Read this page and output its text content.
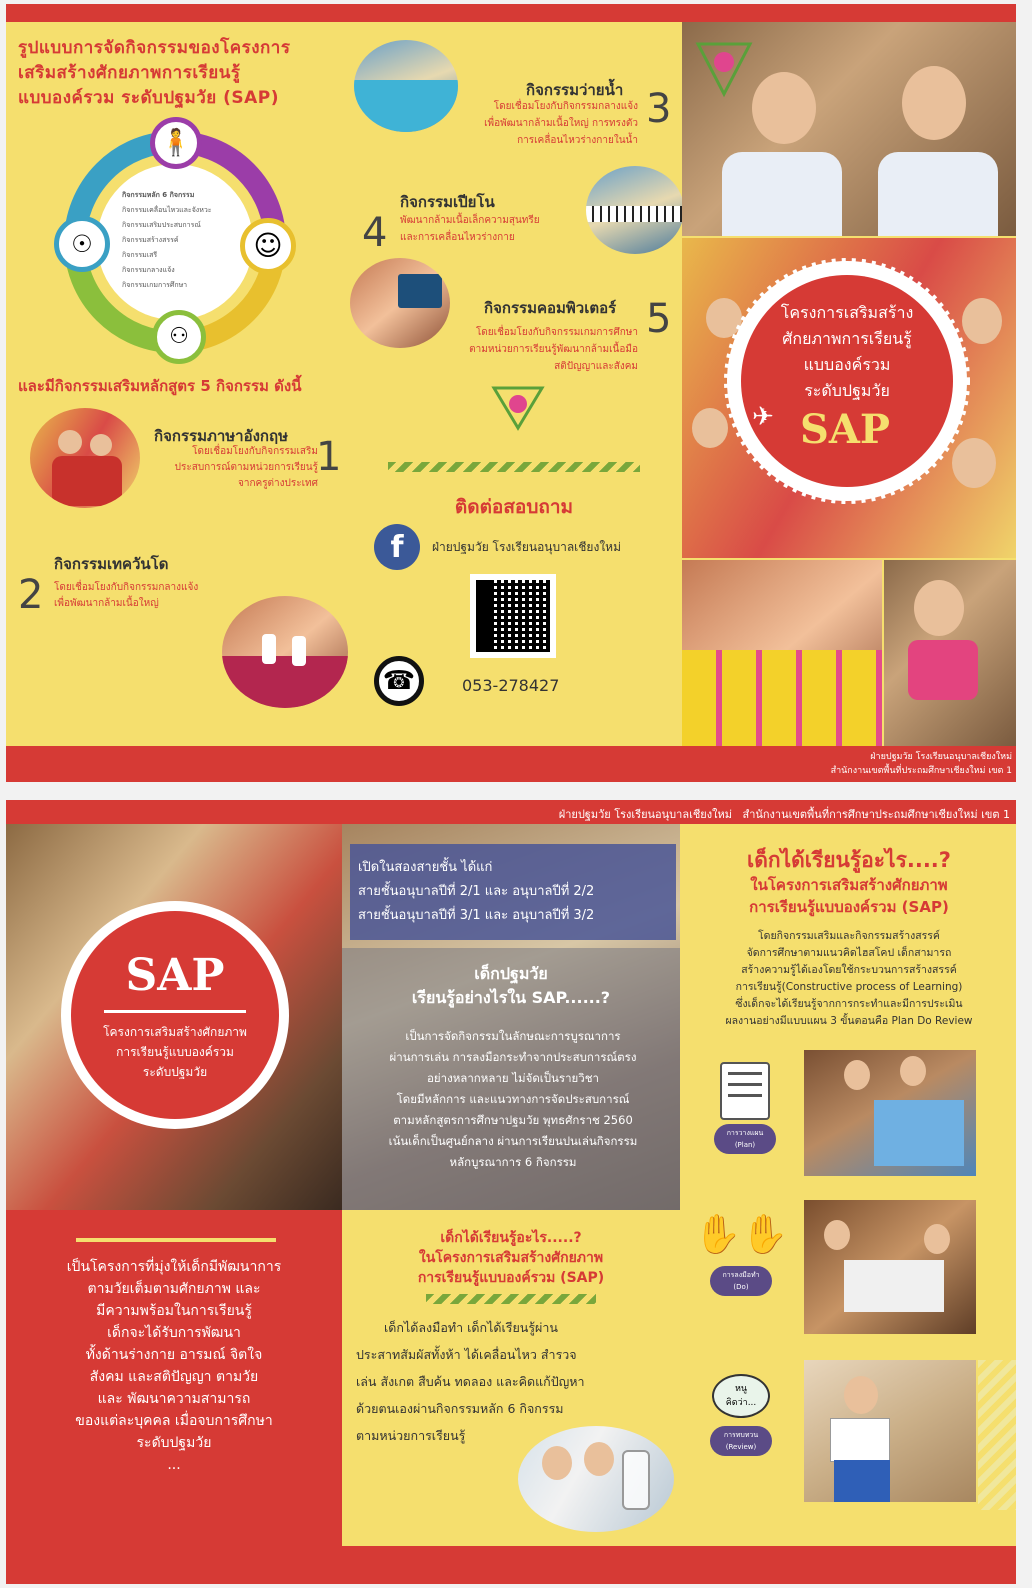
รูปแบบการจัดกิจกรรมของโครงการ
เสริมสร้างศักยภาพการเรียนรู้
แบบองค์รวม ระดับปฐมวัย (SAP)
🧍
☺
⚇
☉
กิจกรรมหลัก 6 กิจกรรม
กิจกรรมเคลื่อนไหวและจังหวะ
กิจกรรมเสริมประสบการณ์
กิจกรรมสร้างสรรค์
กิจกรรมเสรี
กิจกรรมกลางแจ้ง
กิจกรรมเกมการศึกษา
และมีกิจกรรมเสริมหลักสูตร 5 กิจกรรม ดังนี้
กิจกรรมภาษาอังกฤษ
โดยเชื่อมโยงกับกิจกรรมเสริม
ประสบการณ์ตามหน่วยการเรียนรู้
จากครูต่างประเทศ
1
กิจกรรมเทควันโด
2 โดยเชื่อมโยงกับกิจกรรมกลางแจ้ง
เพื่อพัฒนากล้ามเนื้อใหญ่
กิจกรรมว่ายน้ำ 3
โดยเชื่อมโยงกับกิจกรรมกลางแจ้ง
เพื่อพัฒนากล้ามเนื้อใหญ่ การทรงตัว
การเคลื่อนไหวร่างกายในน้ำ
กิจกรรมเปียโน
4 พัฒนากล้ามเนื้อเล็กความสุนทรีย
และการเคลื่อนไหวร่างกาย
กิจกรรมคอมพิวเตอร์ 5
โดยเชื่อมโยงกับกิจกรรมเกมการศึกษา
ตามหน่วยการเรียนรู้พัฒนากล้ามเนื้อมือ
สติปัญญาและสังคม
ติดต่อสอบถาม
f	ฝ่ายปฐมวัย โรงเรียนอนุบาลเชียงใหม่
☎	053-278427
โครงการเสริมสร้าง
ศักยภาพการเรียนรู้
แบบองค์รวม
ระดับปฐมวัย
✈ SAP
ฝ่ายปฐมวัย โรงเรียนอนุบาลเชียงใหม่
สำนักงานเขตพื้นที่ประถมศึกษาเชียงใหม่ เขต 1
ฝ่ายปฐมวัย โรงเรียนอนุบาลเชียงใหม่   สำนักงานเขตพื้นที่การศึกษาประถมศึกษาเชียงใหม่ เขต 1
SAP
โครงการเสริมสร้างศักยภาพ
การเรียนรู้แบบองค์รวม
ระดับปฐมวัย
เป็นโครงการที่มุ่งให้เด็กมีพัฒนาการ
ตามวัยเต็มตามศักยภาพ และ
มีความพร้อมในการเรียนรู้
เด็กจะได้รับการพัฒนา
ทั้งด้านร่างกาย อารมณ์ จิตใจ
สังคม และสติปัญญา ตามวัย
และ พัฒนาความสามารถ
ของแต่ละบุคคล เมื่อจบการศึกษา
ระดับปฐมวัย
...
เปิดในสองสายชั้น ได้แก่
สายชั้นอนุบาลปีที่ 2/1 และ อนุบาลปีที่ 2/2
สายชั้นอนุบาลปีที่ 3/1 และ อนุบาลปีที่ 3/2
เด็กปฐมวัย
เรียนรู้อย่างไรใน SAP......?
เป็นการจัดกิจกรรมในลักษณะการบูรณาการ
ผ่านการเล่น การลงมือกระทำจากประสบการณ์ตรง
อย่างหลากหลาย ไม่จัดเป็นรายวิชา
โดยมีหลักการ และแนวทางการจัดประสบการณ์
ตามหลักสูตรการศึกษาปฐมวัย พุทธศักราช 2560
เน้นเด็กเป็นศูนย์กลาง ผ่านการเรียนปนเล่นกิจกรรม
หลักบูรณาการ 6 กิจกรรม
เด็กได้เรียนรู้อะไร.....?
ในโครงการเสริมสร้างศักยภาพ
การเรียนรู้แบบองค์รวม (SAP)
เด็กได้ลงมือทำ เด็กได้เรียนรู้ผ่าน
ประสาทสัมผัสทั้งห้า ได้เคลื่อนไหว สำรวจ
เล่น สังเกต สืบค้น ทดลอง และคิดแก้ปัญหา
ด้วยตนเองผ่านกิจกรรมหลัก 6 กิจกรรม
ตามหน่วยการเรียนรู้
เด็กได้เรียนรู้อะไร....?
ในโครงการเสริมสร้างศักยภาพ
การเรียนรู้แบบองค์รวม (SAP)
โดยกิจกรรมเสริมและกิจกรรมสร้างสรรค์
จัดการศึกษาตามแนวคิดไฮสโคป เด็กสามารถ
สร้างความรู้ได้เองโดยใช้กระบวนการสร้างสรรค์
การเรียนรู้(Constructive process of Learning)
ซึ่งเด็กจะได้เรียนรู้จากการกระทำและมีการประเมิน
ผลงานอย่างมีแบบแผน 3 ขั้นตอนคือ Plan Do Review
การวางแผน
(Plan)
✋✋
การลงมือทำ
(Do)
หนู
คิดว่า...
การทบทวน
(Review)
